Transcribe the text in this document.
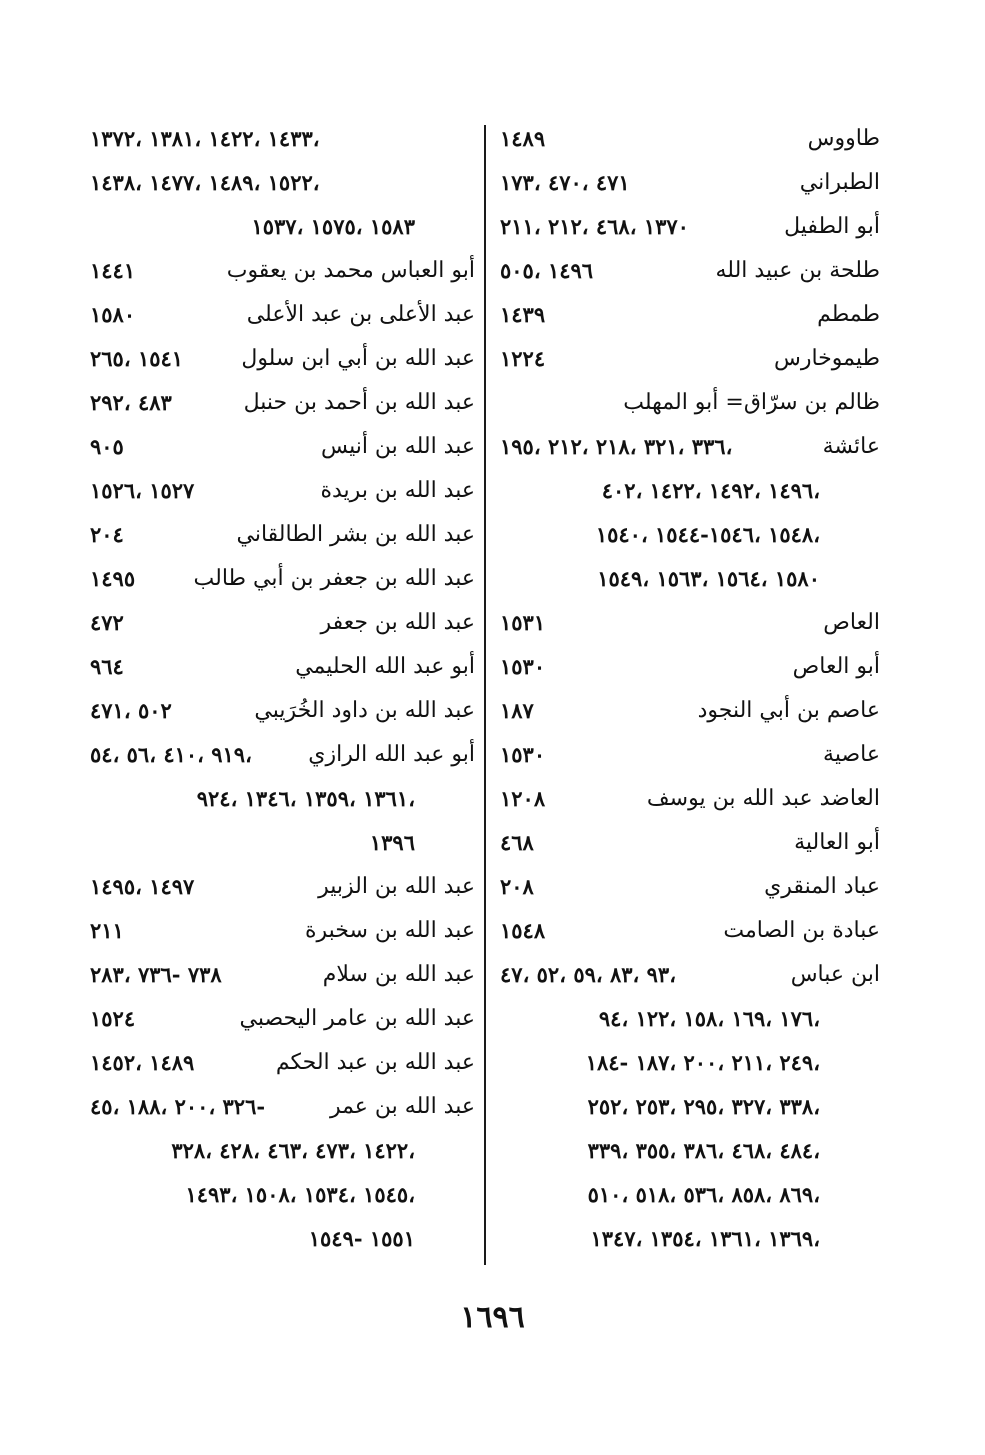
طاووس
١٤٨٩
الطبراني
٤٧١ ،٤٧٠ ،١٧٣
أبو الطفيل
١٣٧٠ ،٤٦٨ ،٢١٢ ،٢١١
طلحة بن عبيد الله
١٤٩٦ ،٥٠٥
طمطم
١٤٣٩
طيموخارس
١٢٢٤
ظالم بن سرّاق= أبو المهلب
عائشة
،٣٣٦ ،٣٢١ ،٢١٨ ،٢١٢ ،١٩٥
،١٤٩٦ ،١٤٩٢ ،١٤٢٢ ،٤٠٢
،١٥٤٨ ،١٥٤٦-١٥٤٤ ،١٥٤٠
١٥٨٠ ،١٥٦٤ ،١٥٦٣ ،١٥٤٩
العاص
١٥٣١
أبو العاص
١٥٣٠
عاصم بن أبي النجود
١٨٧
عاصية
١٥٣٠
العاضد عبد الله بن يوسف
١٢٠٨
أبو العالية
٤٦٨
عباد المنقري
٢٠٨
عبادة بن الصامت
١٥٤٨
ابن عباس
،٩٣ ،٨٣ ،٥٩ ،٥٢ ،٤٧
،١٧٦ ،١٦٩ ،١٥٨ ،١٢٢ ،٩٤
،٢٤٩ ،٢١١ ،٢٠٠ ،١٨٧ -١٨٤
،٣٣٨ ،٣٢٧ ،٢٩٥ ،٢٥٣ ،٢٥٢
،٤٨٤ ،٤٦٨ ،٣٨٦ ،٣٥٥ ،٣٣٩
،٨٦٩ ،٨٥٨ ،٥٣٦ ،٥١٨ ،٥١٠
،١٣٦٩ ،١٣٦١ ،١٣٥٤ ،١٣٤٧
،١٤٣٣ ،١٤٢٢ ،١٣٨١ ،١٣٧٢
،١٥٢٢ ،١٤٨٩ ،١٤٧٧ ،١٤٣٨
١٥٨٣ ،١٥٧٥ ،١٥٣٧
أبو العباس محمد بن يعقوب
١٤٤١
عبد الأعلى بن عبد الأعلى
١٥٨٠
عبد الله بن أبي ابن سلول
١٥٤١ ،٢٦٥
عبد الله بن أحمد بن حنبل
٤٨٣ ،٢٩٢
عبد الله بن أنيس
٩٠٥
عبد الله بن بريدة
١٥٢٧ ،١٥٢٦
عبد الله بن بشر الطالقاني
٢٠٤
عبد الله بن جعفر بن أبي طالب
١٤٩٥
عبد الله بن جعفر
٤٧٢
أبو عبد الله الحليمي
٩٦٤
عبد الله بن داود الخُرَيبي
٥٠٢ ،٤٧١
أبو عبد الله الرازي
،٩١٩ ،٤١٠ ،٥٦ ،٥٤
،١٣٦١ ،١٣٥٩ ،١٣٤٦ ،٩٢٤
١٣٩٦
عبد الله بن الزبير
١٤٩٧ ،١٤٩٥
عبد الله بن سخبرة
٢١١
عبد الله بن سلام
٧٣٨ -٧٣٦ ،٢٨٣
عبد الله بن عامر اليحصبي
١٥٢٤
عبد الله بن عبد الحكم
١٤٨٩ ،١٤٥٢
عبد الله بن عمر
-٣٢٦ ،٢٠٠ ،١٨٨ ،٤٥
،١٤٢٢ ،٤٧٣ ،٤٦٣ ،٤٢٨ ،٣٢٨
،١٥٤٥ ،١٥٣٤ ،١٥٠٨ ،١٤٩٣
١٥٥١ -١٥٤٩
١٦٩٦
